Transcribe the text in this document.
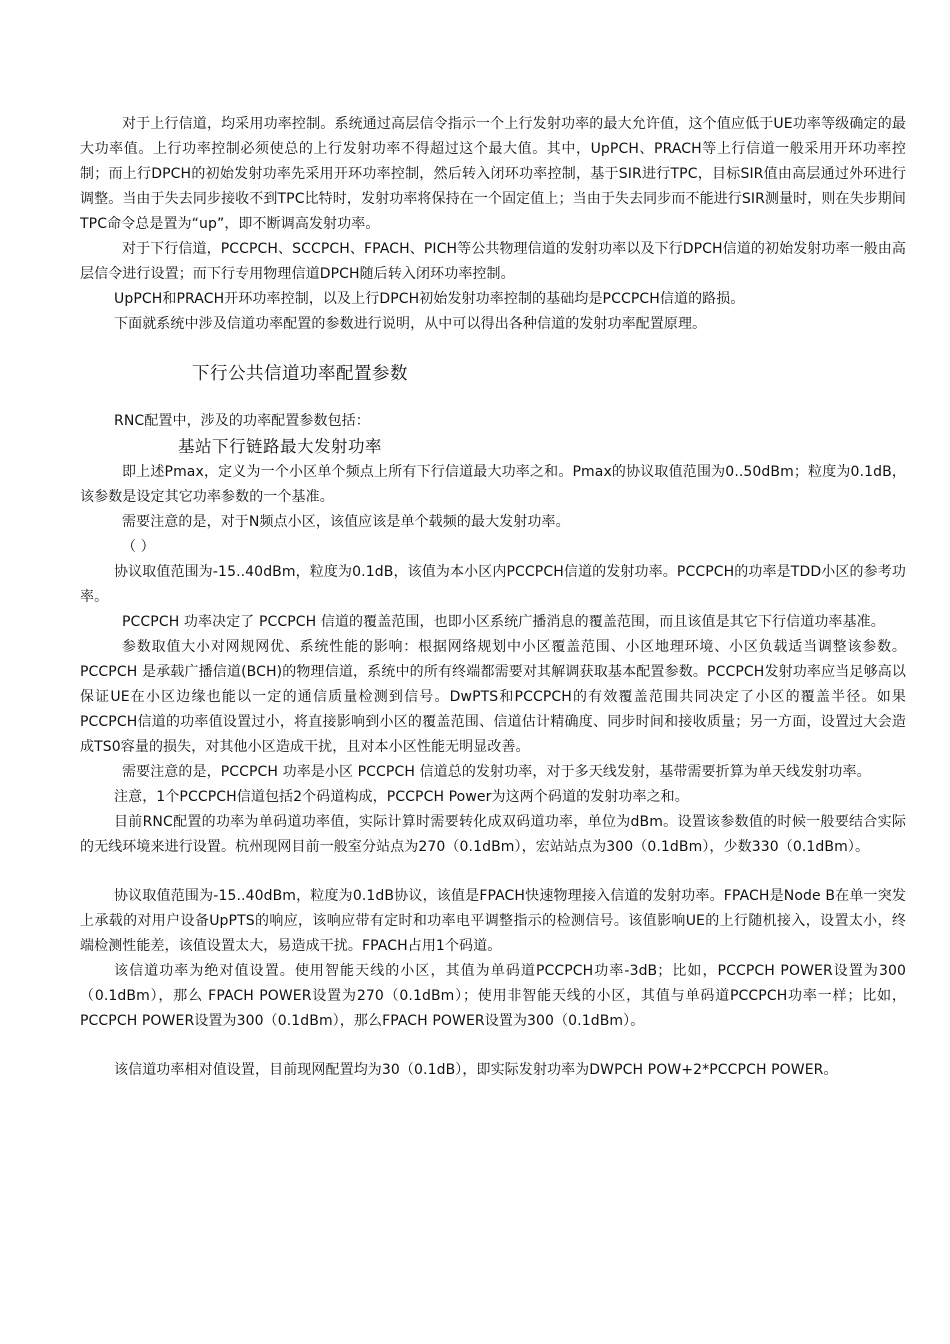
对于上行信道，均采用功率控制。系统通过高层信令指示一个上行发射功率的最大允许值，这个值应低于UE功率等级确定的最大功率值。上行功率控制必须使总的上行发射功率不得超过这个最大值。其中，UpPCH、PRACH等上行信道一般采用开环功率控制；而上行DPCH的初始发射功率先采用开环功率控制，然后转入闭环功率控制，基于SIR进行TPC，目标SIR值由高层通过外环进行调整。当由于失去同步接收不到TPC比特时，发射功率将保持在一个固定值上；当由于失去同步而不能进行SIR测量时，则在失步期间TPC命令总是置为“up”，即不断调高发射功率。

对于下行信道，PCCPCH、SCCPCH、FPACH、PICH等公共物理信道的发射功率以及下行DPCH信道的初始发射功率一般由高层信令进行设置；而下行专用物理信道DPCH随后转入闭环功率控制。

UpPCH和PRACH开环功率控制，以及上行DPCH初始发射功率控制的基础均是PCCPCH信道的路损。

下面就系统中涉及信道功率配置的参数进行说明，从中可以得出各种信道的发射功率配置原理。

下行公共信道功率配置参数

RNC配置中，涉及的功率配置参数包括：

基站下行链路最大发射功率

即上述Pmax，定义为一个小区单个频点上所有下行信道最大功率之和。Pmax的协议取值范围为0..50dBm；粒度为0.1dB，该参数是设定其它功率参数的一个基准。

需要注意的是，对于N频点小区，该值应该是单个载频的最大发射功率。

（ ）

协议取值范围为-15..40dBm，粒度为0.1dB，该值为本小区内PCCPCH信道的发射功率。PCCPCH的功率是TDD小区的参考功率。

PCCPCH 功率决定了 PCCPCH 信道的覆盖范围，也即小区系统广播消息的覆盖范围，而且该值是其它下行信道功率基准。

参数取值大小对网规网优、系统性能的影响：根据网络规划中小区覆盖范围、小区地理环境、小区负载适当调整该参数。PCCPCH 是承载广播信道(BCH)的物理信道，系统中的所有终端都需要对其解调获取基本配置参数。PCCPCH发射功率应当足够高以保证UE在小区边缘也能以一定的通信质量检测到信号。DwPTS和PCCPCH的有效覆盖范围共同决定了小区的覆盖半径。如果PCCPCH信道的功率值设置过小，将直接影响到小区的覆盖范围、信道估计精确度、同步时间和接收质量；另一方面，设置过大会造成TS0容量的损失，对其他小区造成干扰，且对本小区性能无明显改善。

需要注意的是，PCCPCH 功率是小区 PCCPCH 信道总的发射功率，对于多天线发射，基带需要折算为单天线发射功率。

注意，1个PCCPCH信道包括2个码道构成，PCCPCH Power为这两个码道的发射功率之和。

目前RNC配置的功率为单码道功率值，实际计算时需要转化成双码道功率，单位为dBm。设置该参数值的时候一般要结合实际的无线环境来进行设置。杭州现网目前一般室分站点为270（0.1dBm），宏站站点为300（0.1dBm），少数330（0.1dBm）。

协议取值范围为-15..40dBm，粒度为0.1dB协议，该值是FPACH快速物理接入信道的发射功率。FPACH是Node B在单一突发上承载的对用户设备UpPTS的响应，该响应带有定时和功率电平调整指示的检测信号。该值影响UE的上行随机接入，设置太小，终端检测性能差，该值设置太大，易造成干扰。FPACH占用1个码道。

该信道功率为绝对值设置。使用智能天线的小区，其值为单码道PCCPCH功率-3dB；比如，PCCPCH POWER设置为300（0.1dBm），那么 FPACH POWER设置为270（0.1dBm）；使用非智能天线的小区，其值与单码道PCCPCH功率一样；比如，PCCPCH POWER设置为300（0.1dBm），那么FPACH POWER设置为300（0.1dBm）。

该信道功率相对值设置，目前现网配置均为30（0.1dB），即实际发射功率为DWPCH POW+2*PCCPCH POWER。
